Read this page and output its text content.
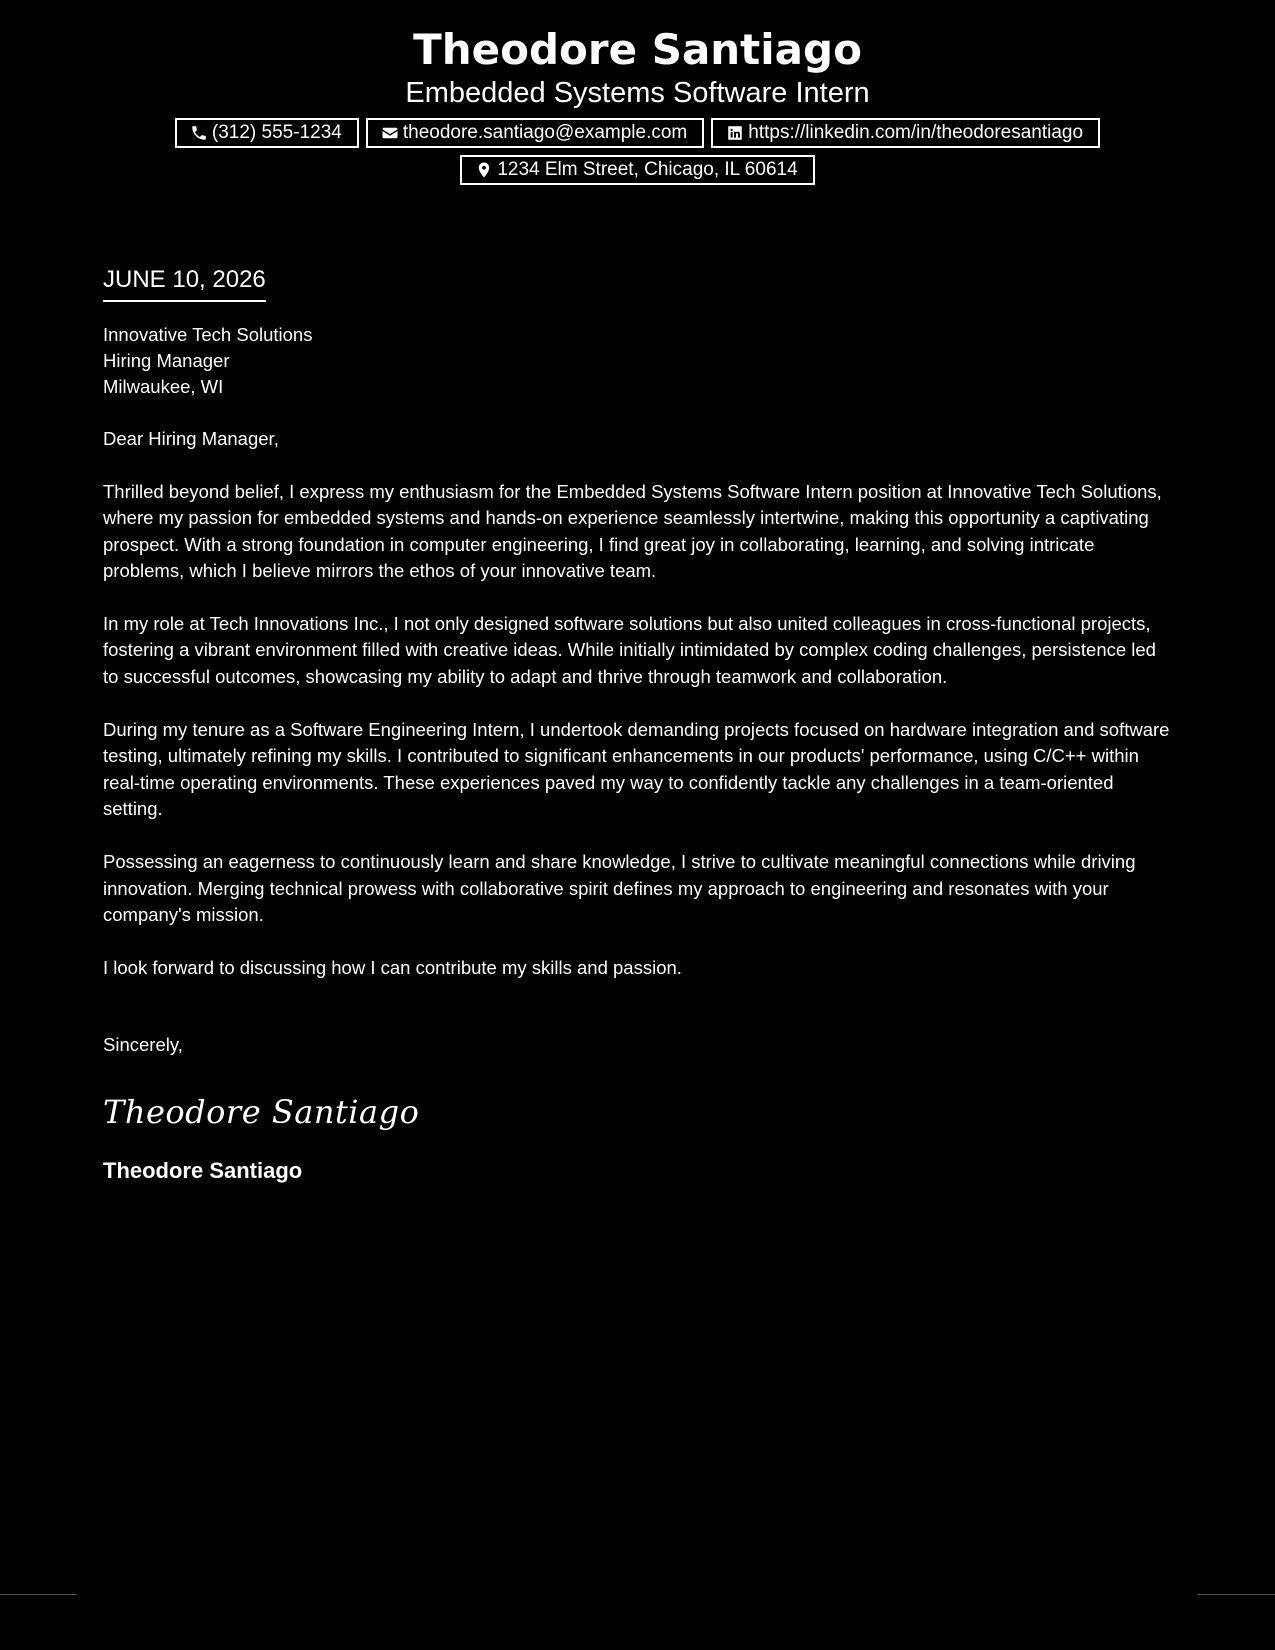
Theodore Santiago
Embedded Systems Software Intern
(312) 555-1234	theodore.santiago@example.com	https://linkedin.com/in/theodoresantiago
1234 Elm Street, Chicago, IL 60614
JUNE 10, 2026
Innovative Tech Solutions
Hiring Manager
Milwaukee, WI
Dear Hiring Manager,

Thrilled beyond belief, I express my enthusiasm for the Embedded Systems Software Intern position at Innovative Tech Solutions, where my passion for embedded systems and hands-on experience seamlessly intertwine, making this opportunity a captivating prospect. With a strong foundation in computer engineering, I find great joy in collaborating, learning, and solving intricate problems, which I believe mirrors the ethos of your innovative team.

In my role at Tech Innovations Inc., I not only designed software solutions but also united colleagues in cross-functional projects, fostering a vibrant environment filled with creative ideas. While initially intimidated by complex coding challenges, persistence led to successful outcomes, showcasing my ability to adapt and thrive through teamwork and collaboration.

During my tenure as a Software Engineering Intern, I undertook demanding projects focused on hardware integration and software testing, ultimately refining my skills. I contributed to significant enhancements in our products' performance, using C/C++ within real-time operating environments. These experiences paved my way to confidently tackle any challenges in a team-oriented setting.

Possessing an eagerness to continuously learn and share knowledge, I strive to cultivate meaningful connections while driving innovation. Merging technical prowess with collaborative spirit defines my approach to engineering and resonates with your company's mission.

I look forward to discussing how I can contribute my skills and passion.

Sincerely,
Theodore Santiago
Theodore Santiago
